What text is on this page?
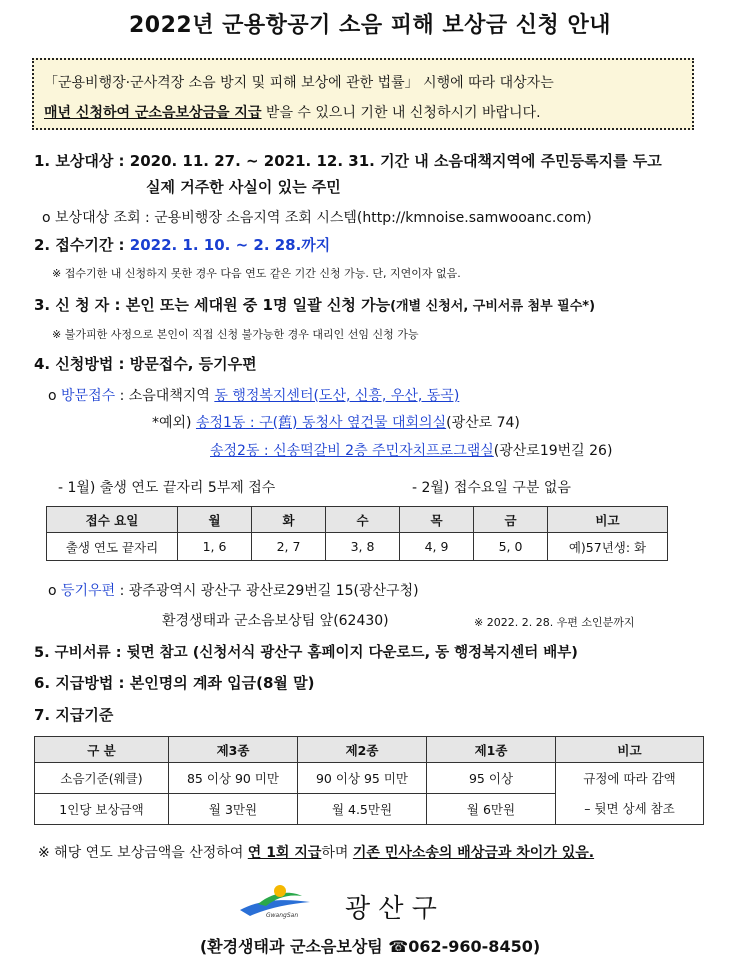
2022년 군용항공기 소음 피해 보상금 신청 안내
「군용비행장·군사격장 소음 방지 및 피해 보상에 관한 법률」 시행에 따라 대상자는
매년 신청하여 군소음보상금을 지급 받을 수 있으니 기한 내 신청하시기 바랍니다.
1. 보상대상 : 2020. 11. 27. ~ 2021. 12. 31. 기간 내 소음대책지역에 주민등록지를 두고
실제 거주한 사실이 있는 주민
o 보상대상 조회 : 군용비행장 소음지역 조회 시스템(http://kmnoise.samwooanc.com)
2. 접수기간 : 2022. 1. 10. ~ 2. 28.까지
※ 접수기한 내 신청하지 못한 경우 다음 연도 같은 기간 신청 가능. 단, 지연이자 없음.
3. 신 청 자 : 본인 또는 세대원 중 1명 일괄 신청 가능(개별 신청서, 구비서류 첨부 필수*)
※ 불가피한 사정으로 본인이 직접 신청 불가능한 경우 대리인 선임 신청 가능
4. 신청방법 : 방문접수, 등기우편
o 방문접수 : 소음대책지역 동 행정복지센터(도산, 신흥, 우산, 동곡)
*예외) 송정1동 : 구(舊) 동청사 옆건물 대회의실(광산로 74)
송정2동 : 신송떡갈비 2층 주민자치프로그램실(광산로19번길 26)
- 1월) 출생 연도 끝자리 5부제 접수	- 2월) 접수요일 구분 없음
접수 요일	월	화	수	목	금	비고
출생 연도 끝자리	1, 6	2, 7	3, 8	4, 9	5, 0	예)57년생: 화
o 등기우편 : 광주광역시 광산구 광산로29번길 15(광산구청)
환경생태과 군소음보상팀 앞(62430)	※ 2022. 2. 28. 우편 소인분까지
5. 구비서류 : 뒷면 참고 (신청서식 광산구 홈페이지 다운로드, 동 행정복지센터 배부)
6. 지급방법 : 본인명의 계좌 입금(8월 말)
7. 지급기준
구 분	제3종	제2종	제1종	비고
소음기준(웨클)	85 이상 90 미만	90 이상 95 미만	95 이상	규정에 따라 감액
– 뒷면 상세 참조

1인당 보상금액	월 3만원	월 4.5만원	월 6만원	
※ 해당 연도 보상금액을 산정하여 연 1회 지급하며 기존 민사소송의 배상금과 차이가 있음.
GwangSan 광 산 구
(환경생태과 군소음보상팀 ☎062-960-8450)
